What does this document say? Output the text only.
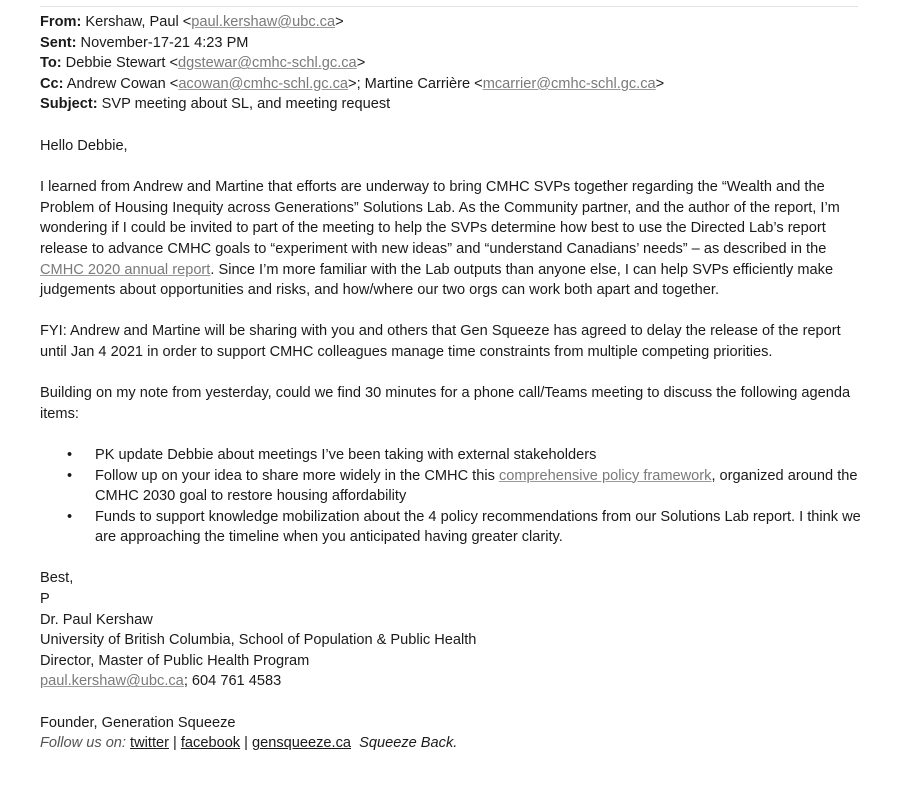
From: Kershaw, Paul <paul.kershaw@ubc.ca>
Sent: November-17-21 4:23 PM
To: Debbie Stewart <dgstewar@cmhc-schl.gc.ca>
Cc: Andrew Cowan <acowan@cmhc-schl.gc.ca>; Martine Carrière <mcarrier@cmhc-schl.gc.ca>
Subject: SVP meeting about SL, and meeting request

Hello Debbie,

I learned from Andrew and Martine that efforts are underway to bring CMHC SVPs together regarding the “Wealth and the Problem of Housing Inequity across Generations” Solutions Lab. As the Community partner, and the author of the report, I’m wondering if I could be invited to part of the meeting to help the SVPs determine how best to use the Directed Lab’s report release to advance CMHC goals to “experiment with new ideas” and “understand Canadians’ needs” – as described in the CMHC 2020 annual report. Since I’m more familiar with the Lab outputs than anyone else, I can help SVPs efficiently make judgements about opportunities and risks, and how/where our two orgs can work both apart and together.

FYI: Andrew and Martine will be sharing with you and others that Gen Squeeze has agreed to delay the release of the report until Jan 4 2021 in order to support CMHC colleagues manage time constraints from multiple competing priorities.

Building on my note from yesterday, could we find 30 minutes for a phone call/Teams meeting to discuss the following agenda items:

• PK update Debbie about meetings I’ve been taking with external stakeholders
• Follow up on your idea to share more widely in the CMHC this comprehensive policy framework, organized around the CMHC 2030 goal to restore housing affordability
• Funds to support knowledge mobilization about the 4 policy recommendations from our Solutions Lab report. I think we are approaching the timeline when you anticipated having greater clarity.
Best,
P
Dr. Paul Kershaw
University of British Columbia, School of Population & Public Health
Director, Master of Public Health Program
paul.kershaw@ubc.ca; 604 761 4583
Founder, Generation Squeeze
Follow us on: twitter | facebook | gensqueeze.ca Squeeze Back.
